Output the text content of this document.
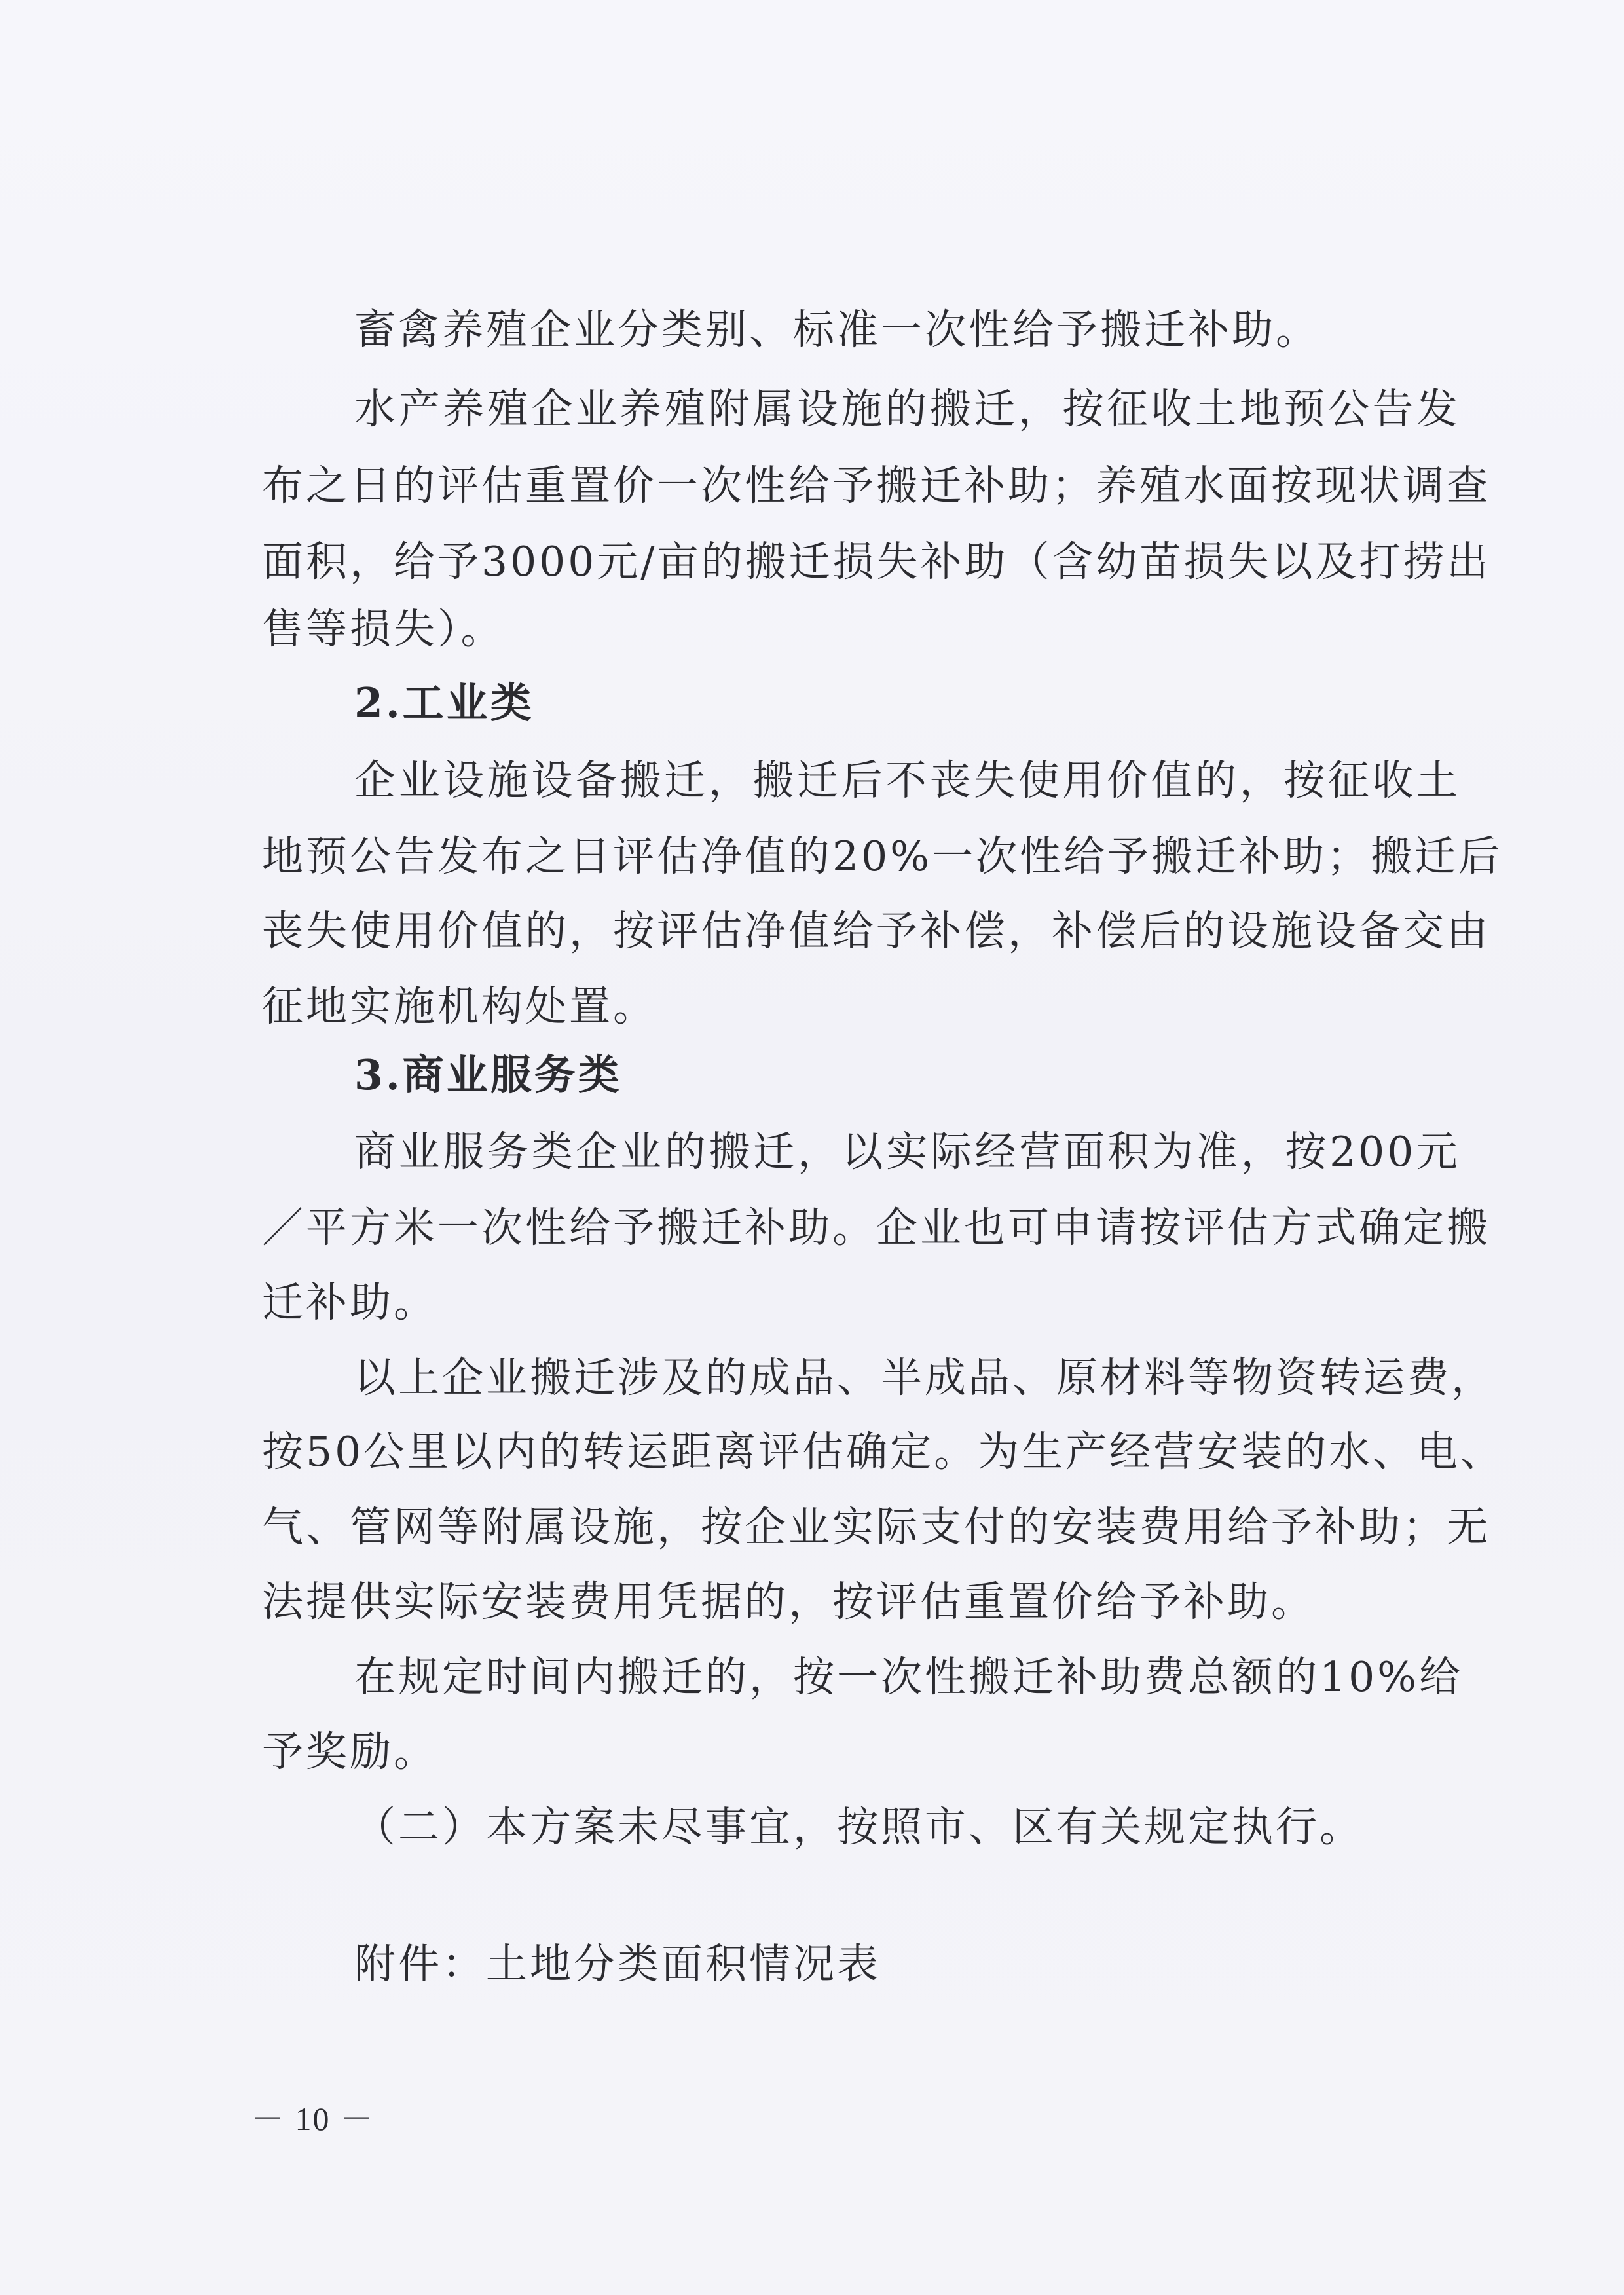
畜禽养殖企业分类别、标准一次性给予搬迁补助。
水产养殖企业养殖附属设施的搬迁，按征收土地预公告发
布之日的评估重置价一次性给予搬迁补助；养殖水面按现状调查
面积，给予3000元/亩的搬迁损失补助（含幼苗损失以及打捞出
售等损失）。
2.工业类
企业设施设备搬迁，搬迁后不丧失使用价值的，按征收土
地预公告发布之日评估净值的20%一次性给予搬迁补助；搬迁后
丧失使用价值的，按评估净值给予补偿，补偿后的设施设备交由
征地实施机构处置。
3.商业服务类
商业服务类企业的搬迁，以实际经营面积为准，按200元
／平方米一次性给予搬迁补助。企业也可申请按评估方式确定搬
迁补助。
以上企业搬迁涉及的成品、半成品、原材料等物资转运费，
按50公里以内的转运距离评估确定。为生产经营安装的水、电、
气、管网等附属设施，按企业实际支付的安装费用给予补助；无
法提供实际安装费用凭据的，按评估重置价给予补助。
在规定时间内搬迁的，按一次性搬迁补助费总额的10%给
予奖励。
（二）本方案未尽事宜，按照市、区有关规定执行。
附件：土地分类面积情况表
－ 10 －
